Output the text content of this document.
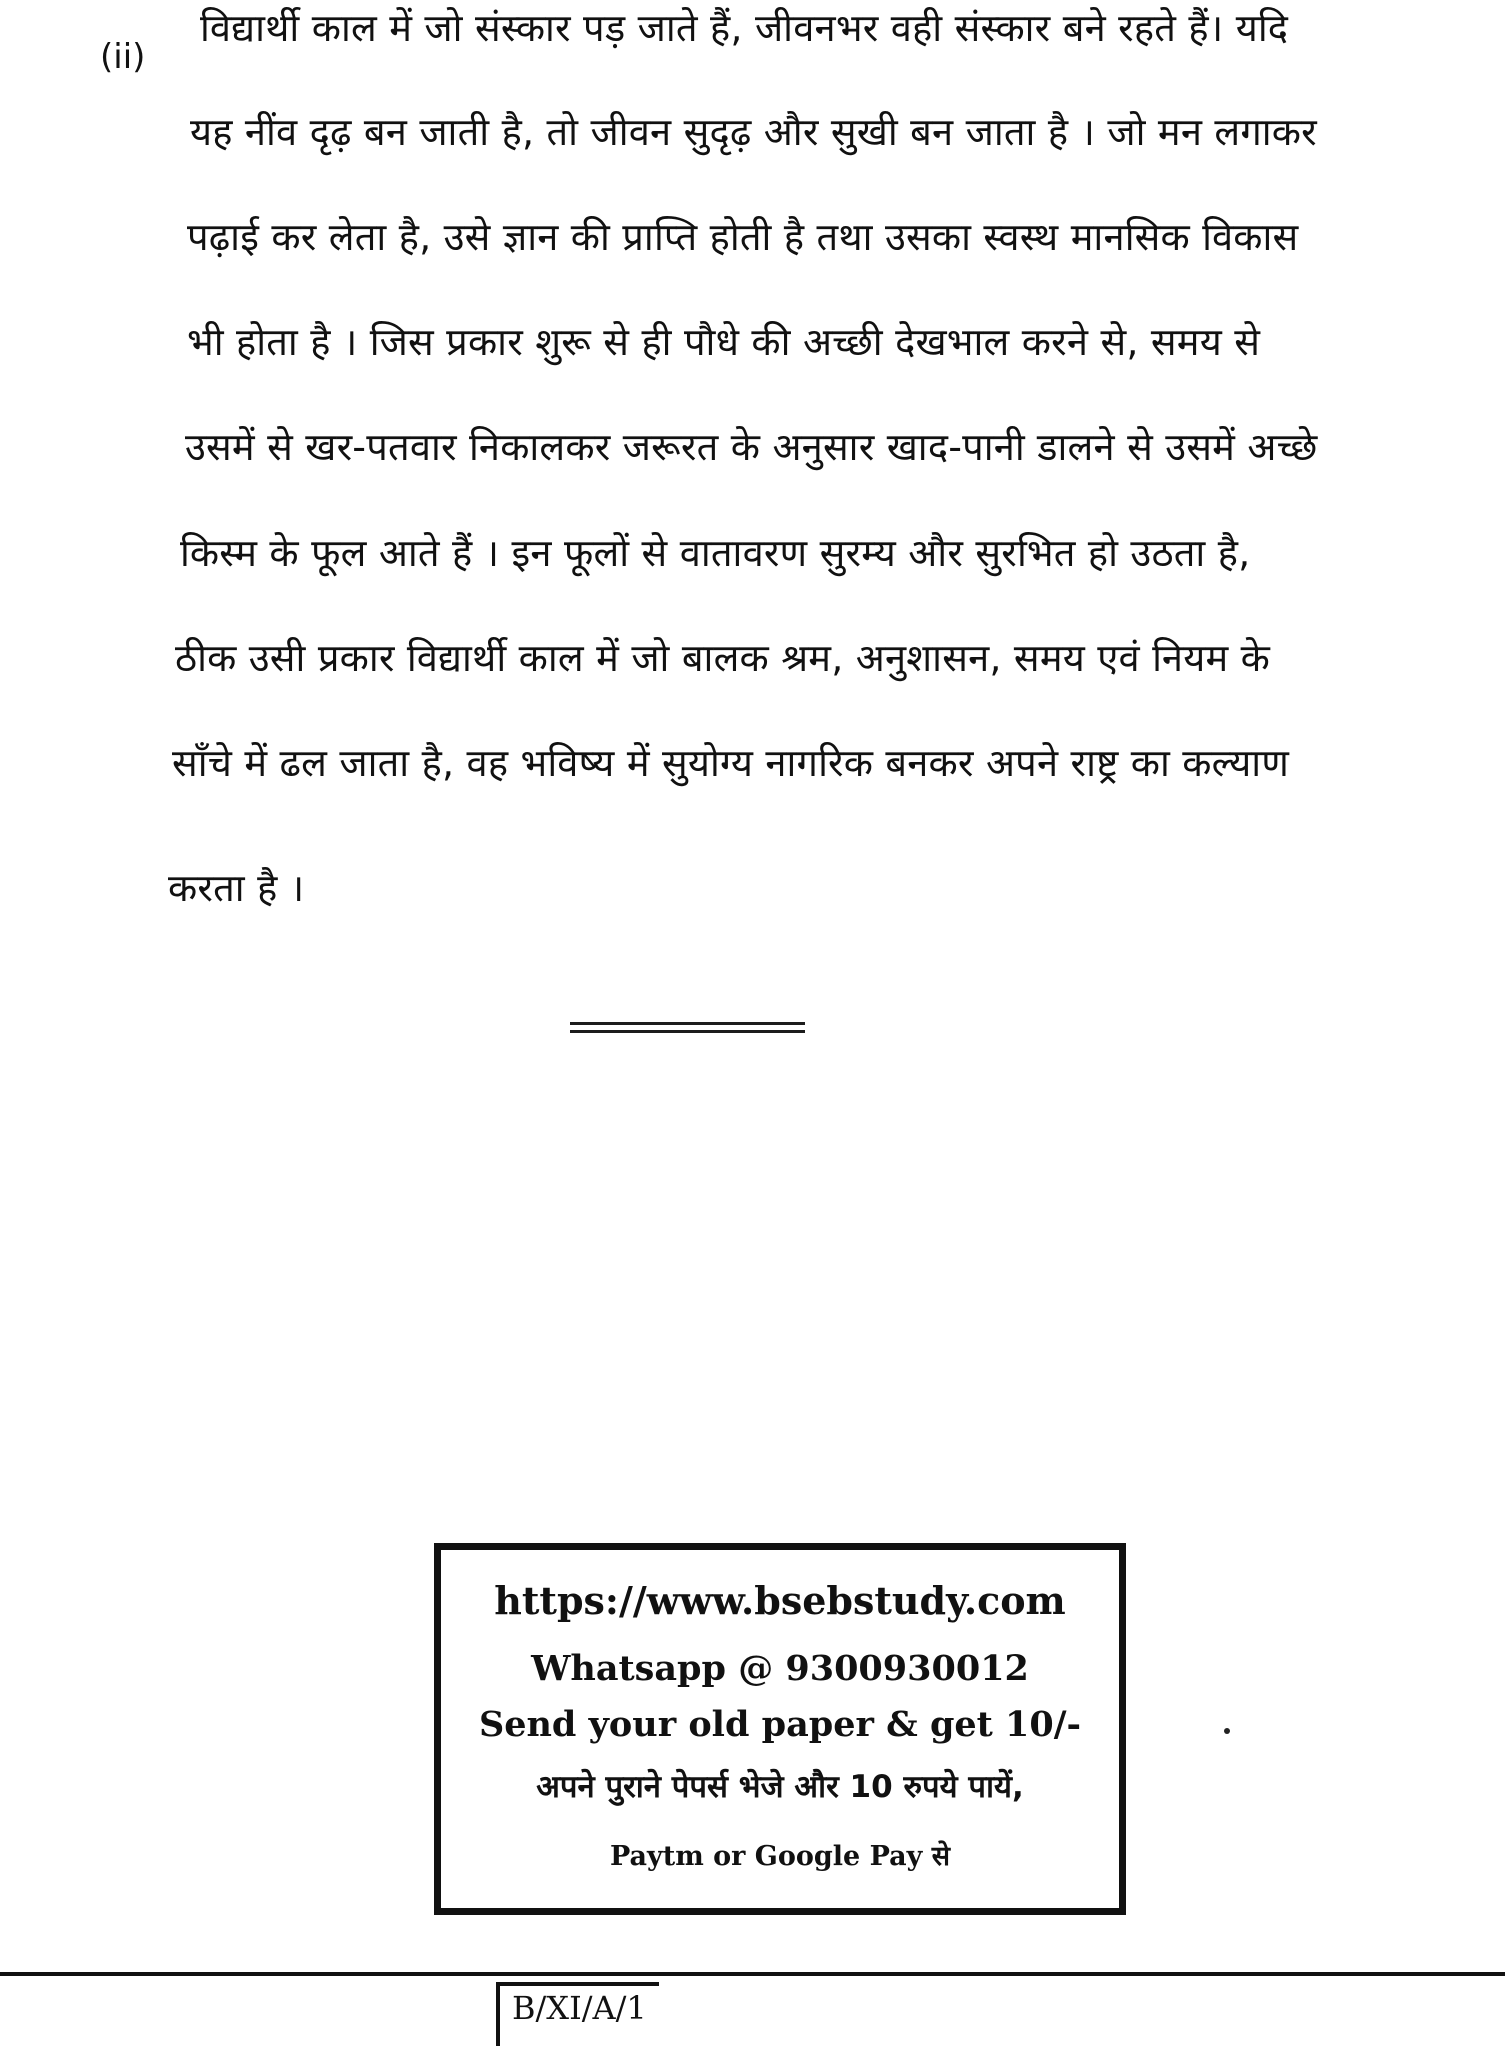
(ii)
विद्यार्थी काल में जो संस्कार पड़ जाते हैं, जीवनभर वही संस्कार बने रहते हैं। यदि
यह नींव दृढ़ बन जाती है, तो जीवन सुदृढ़ और सुखी बन जाता है । जो मन लगाकर
पढ़ाई कर लेता है, उसे ज्ञान की प्राप्ति होती है तथा उसका स्वस्थ मानसिक विकास
भी होता है । जिस प्रकार शुरू से ही पौधे की अच्छी देखभाल करने से, समय से
उसमें से खर-पतवार निकालकर जरूरत के अनुसार खाद-पानी डालने से उसमें अच्छे
किस्म के फूल आते हैं । इन फूलों से वातावरण सुरम्य और सुरभित हो उठता है,
ठीक उसी प्रकार विद्यार्थी काल में जो बालक श्रम, अनुशासन, समय एवं नियम के
साँचे में ढल जाता है, वह भविष्य में सुयोग्य नागरिक बनकर अपने राष्ट्र का कल्याण
करता है ।
https://www.bsebstudy.com
Whatsapp @ 9300930012
Send your old paper & get 10/-
अपने पुराने पेपर्स भेजे और 10 रुपये पायें,
Paytm or Google Pay से
B/XI/A/1
